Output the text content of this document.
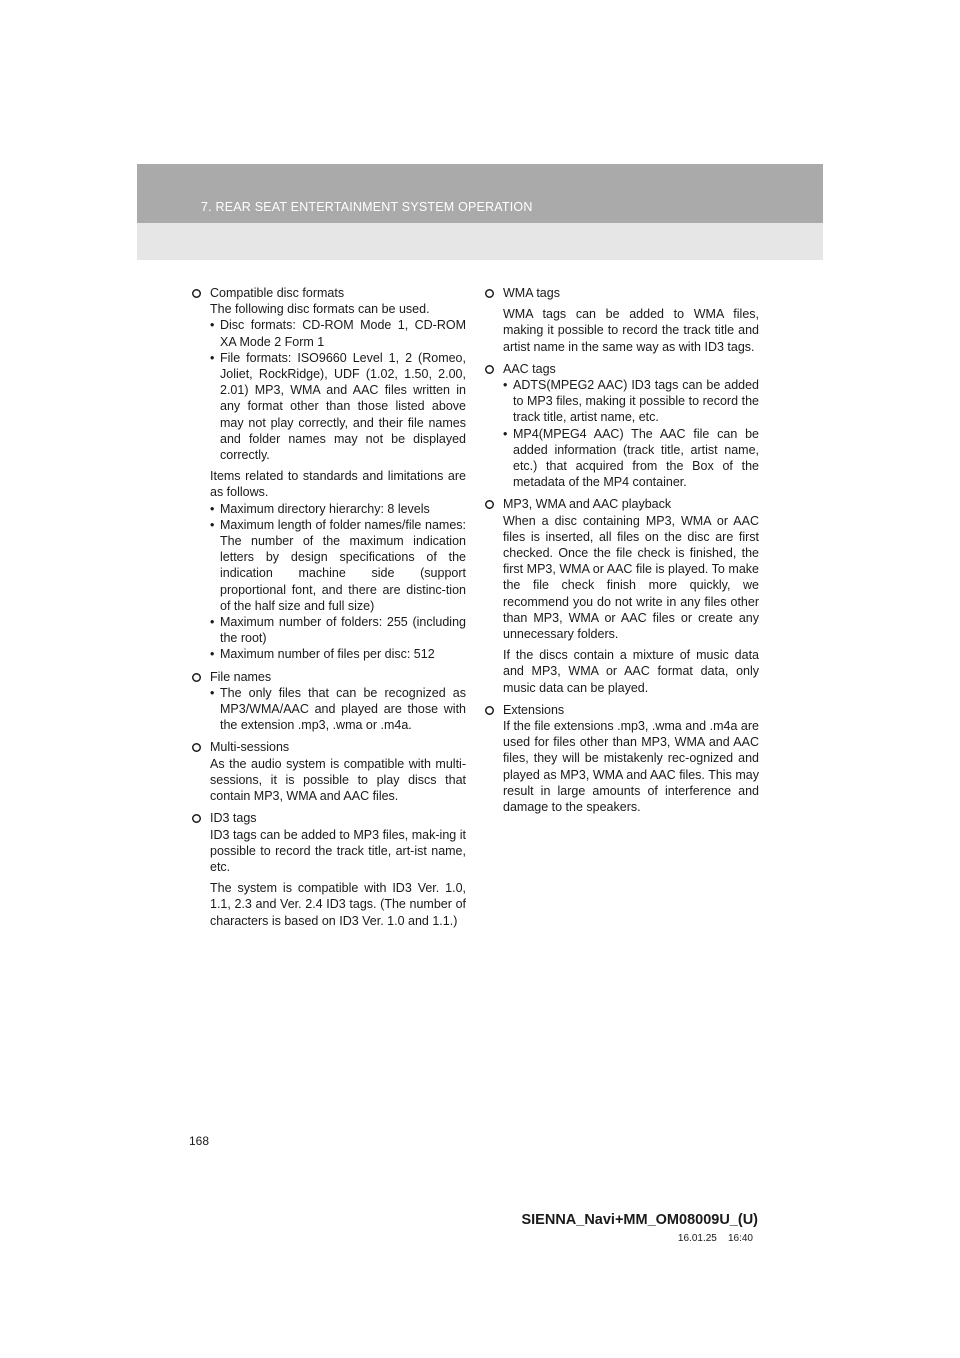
7. REAR SEAT ENTERTAINMENT SYSTEM OPERATION
Compatible disc formats
The following disc formats can be used.
• Disc formats: CD-ROM Mode 1, CD-ROM XA Mode 2 Form 1
• File formats: ISO9660 Level 1, 2 (Romeo, Joliet, RockRidge), UDF (1.02, 1.50, 2.00, 2.01) MP3, WMA and AAC files written in any format other than those listed above may not play correctly, and their file names and folder names may not be displayed correctly.
Items related to standards and limitations are as follows.
• Maximum directory hierarchy: 8 levels
• Maximum length of folder names/file names: The number of the maximum indication letters by design specifications of the indication machine side (support proportional font, and there are distinc-tion of the half size and full size)
• Maximum number of folders: 255 (including the root)
• Maximum number of files per disc: 512
File names
• The only files that can be recognized as MP3/WMA/AAC and played are those with the extension .mp3, .wma or .m4a.
Multi-sessions
As the audio system is compatible with multi-sessions, it is possible to play discs that contain MP3, WMA and AAC files.
ID3 tags
ID3 tags can be added to MP3 files, mak-ing it possible to record the track title, art-ist name, etc.
The system is compatible with ID3 Ver. 1.0, 1.1, 2.3 and Ver. 2.4 ID3 tags. (The number of characters is based on ID3 Ver. 1.0 and 1.1.)
WMA tags
WMA tags can be added to WMA files, making it possible to record the track title and artist name in the same way as with ID3 tags.
AAC tags
• ADTS(MPEG2 AAC) ID3 tags can be added to MP3 files, making it possible to record the track title, artist name, etc.
• MP4(MPEG4 AAC) The AAC file can be added information (track title, artist name, etc.) that acquired from the Box of the metadata of the MP4 container.
MP3, WMA and AAC playback
When a disc containing MP3, WMA or AAC files is inserted, all files on the disc are first checked. Once the file check is finished, the first MP3, WMA or AAC file is played. To make the file check finish more quickly, we recommend you do not write in any files other than MP3, WMA or AAC files or create any unnecessary folders.
If the discs contain a mixture of music data and MP3, WMA or AAC format data, only music data can be played.
Extensions
If the file extensions .mp3, .wma and .m4a are used for files other than MP3, WMA and AAC files, they will be mistakenly rec-ognized and played as MP3, WMA and AAC files. This may result in large amounts of interference and damage to the speakers.
168
SIENNA_Navi+MM_OM08009U_(U)
16.01.25    16:40
